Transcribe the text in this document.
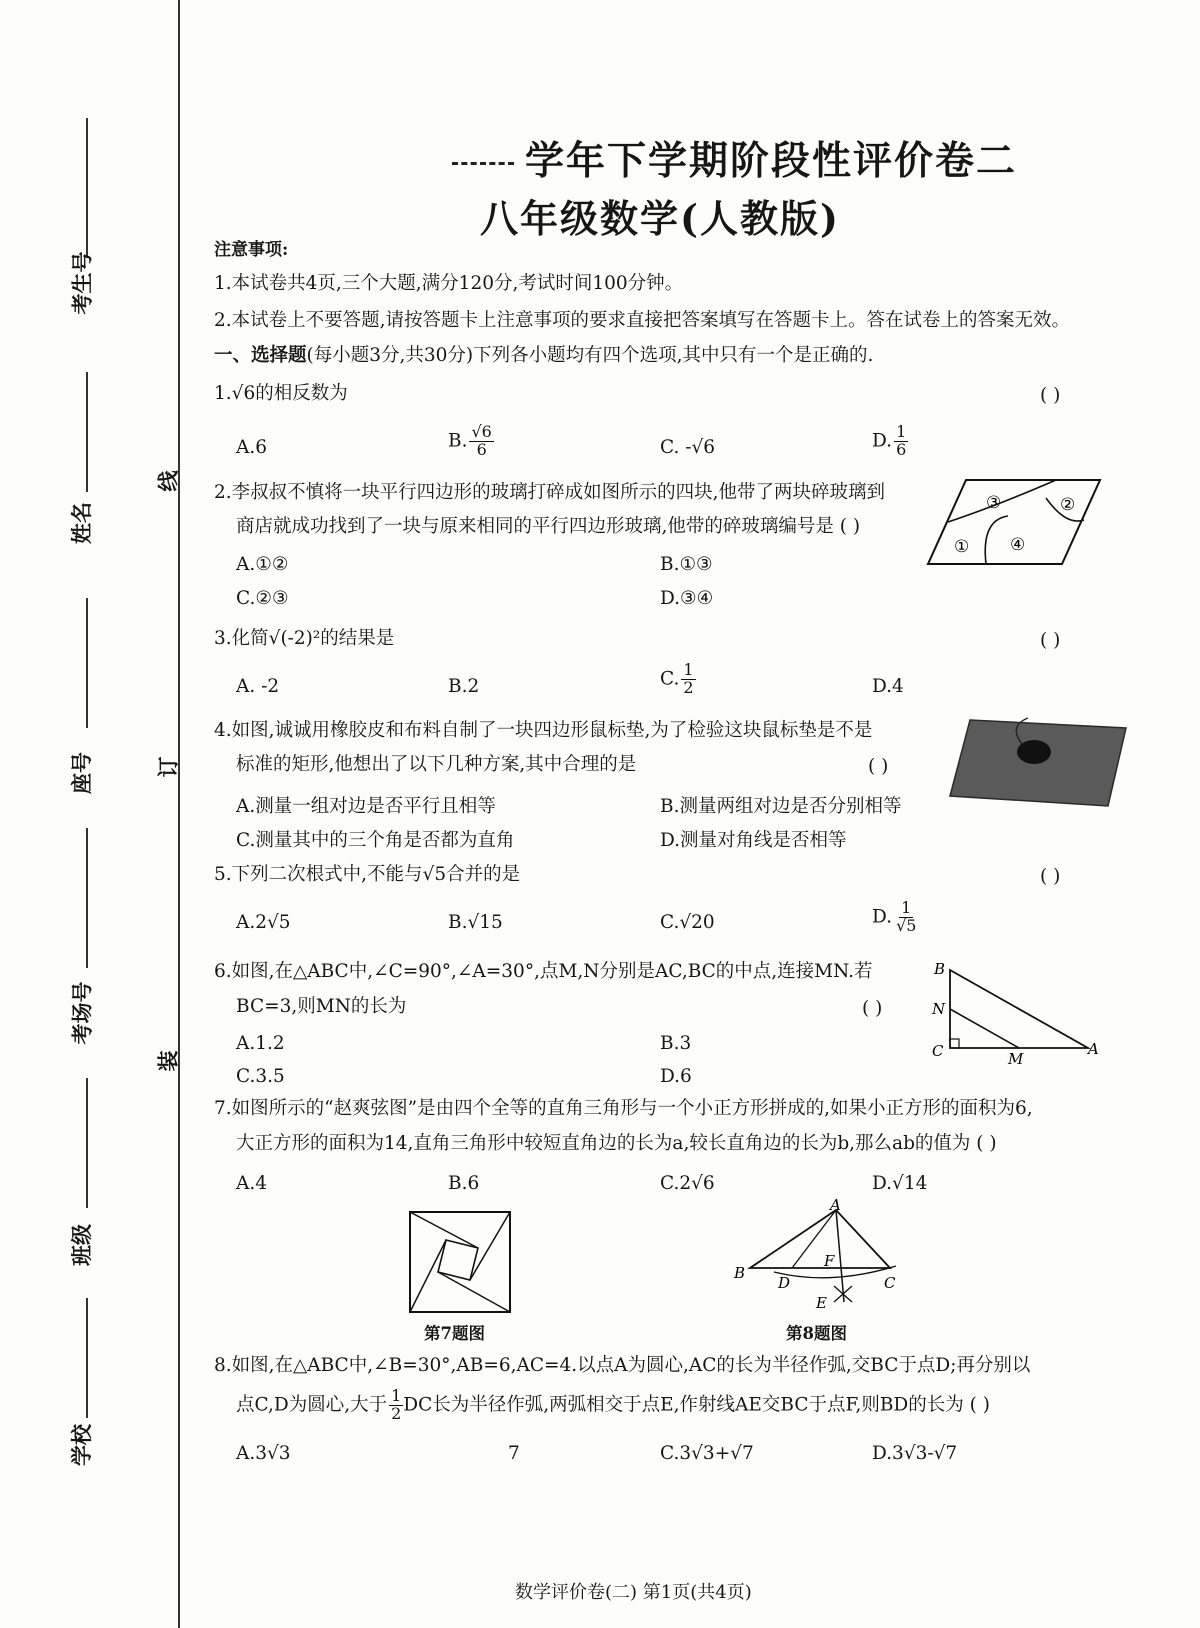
考生号
姓名
座号
考场号
班级
学校
线
订
装
学年下学期阶段性评价卷二
八年级数学(人教版)
注意事项:
1.本试卷共4页,三个大题,满分120分,考试时间100分钟。
2.本试卷上不要答题,请按答题卡上注意事项的要求直接把答案填写在答题卡上。答在试卷上的答案无效。
一、选择题(每小题3分,共30分)下列各小题均有四个选项,其中只有一个是正确的.
1.√6的相反数为	( )
A.6	B. $\frac{√6}{6}$	C. -√6	D. $\frac{1}{6}$
2.李叔叔不慎将一块平行四边形的玻璃打碎成如图所示的四块,他带了两块碎玻璃到
商店就成功找到了一块与原来相同的平行四边形玻璃,他带的碎玻璃编号是 ( )
A.①②	B.①③
C.②③	D.③④
①
②
③
④
3.化简√(-2)²的结果是	( )
A. -2	B.2	C. $\frac{1}{2}$	D.4
4.如图,诚诚用橡胶皮和布料自制了一块四边形鼠标垫,为了检验这块鼠标垫是不是
标准的矩形,他想出了以下几种方案,其中合理的是	( )
A.测量一组对边是否平行且相等	B.测量两组对边是否分别相等
C.测量其中的三个角是否都为直角	D.测量对角线是否相等
5.下列二次根式中,不能与√5合并的是	( )
A.2√5	B.√15	C.√20	D. $\frac{1}{√5}$
6.如图,在△ABC中,∠C=90°,∠A=30°,点M,N分别是AC,BC的中点,连接MN.若
BC=3,则MN的长为	( )
A.1.2	B.3
C.3.5	D.6
B
N
C	M
A
7.如图所示的“赵爽弦图”是由四个全等的直角三角形与一个小正方形拼成的,如果小正方形的面积为6,
大正方形的面积为14,直角三角形中较短直角边的长为a,较长直角边的长为b,那么ab的值为 ( )
A.4	B.6	C.2√6	D.√14
第7题图
A
B
D
F
C
E
第8题图
8.如图,在△ABC中,∠B=30°,AB=6,AC=4.以点A为圆心,AC的长为半径作弧,交BC于点D;再分别以
点C,D为圆心,大于 $\frac{1}{2}$ DC长为半径作弧,两弧相交于点E,作射线AE交BC于点F,则BD的长为 ( )
A.3√3	7	C.3√3+√7	D.3√3-√7
数学评价卷(二) 第1页(共4页)
